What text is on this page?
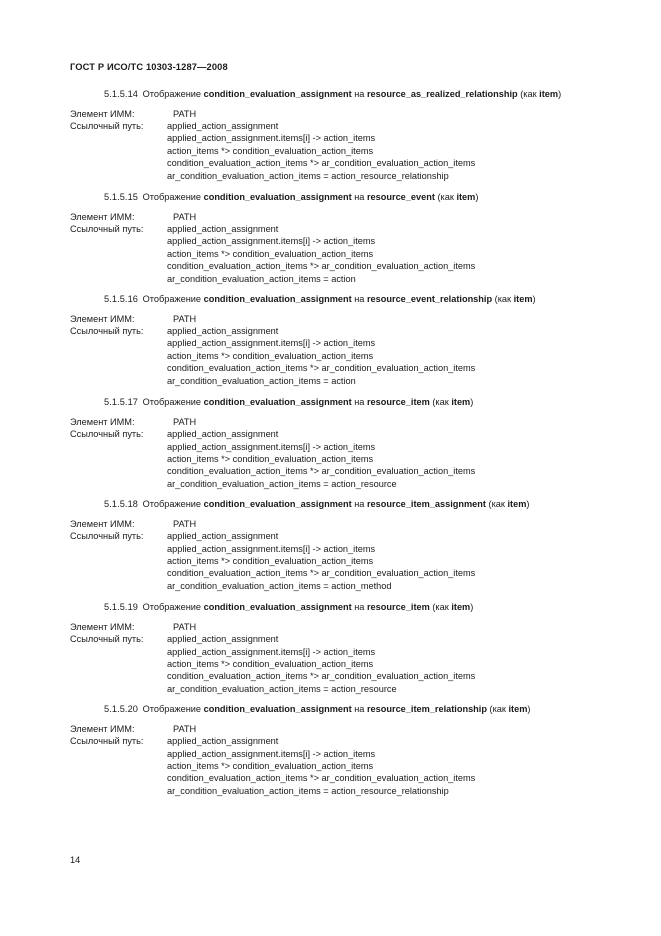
ГОСТ Р ИСО/ТС 10303-1287—2008

5.1.5.14  Отображение condition_evaluation_assignment на resource_as_realized_relationship (как item)

Элемент ИММ:	PATH
Ссылочный путь:	applied_action_assignment
applied_action_assignment.items[i] -> action_items
action_items *> condition_evaluation_action_items
condition_evaluation_action_items *> ar_condition_evaluation_action_items
ar_condition_evaluation_action_items = action_resource_relationship

5.1.5.15  Отображение condition_evaluation_assignment на resource_event (как item)

Элемент ИММ:	PATH
Ссылочный путь:	applied_action_assignment
applied_action_assignment.items[i] -> action_items
action_items *> condition_evaluation_action_items
condition_evaluation_action_items *> ar_condition_evaluation_action_items
ar_condition_evaluation_action_items = action

5.1.5.16  Отображение condition_evaluation_assignment на resource_event_relationship (как item)

Элемент ИММ:	PATH
Ссылочный путь:	applied_action_assignment
applied_action_assignment.items[i] -> action_items
action_items *> condition_evaluation_action_items
condition_evaluation_action_items *> ar_condition_evaluation_action_items
ar_condition_evaluation_action_items = action

5.1.5.17  Отображение condition_evaluation_assignment на resource_item (как item)

Элемент ИММ:	PATH
Ссылочный путь:	applied_action_assignment
applied_action_assignment.items[i] -> action_items
action_items *> condition_evaluation_action_items
condition_evaluation_action_items *> ar_condition_evaluation_action_items
ar_condition_evaluation_action_items = action_resource

5.1.5.18  Отображение condition_evaluation_assignment на resource_item_assignment (как item)

Элемент ИММ:	PATH
Ссылочный путь:	applied_action_assignment
applied_action_assignment.items[i] -> action_items
action_items *> condition_evaluation_action_items
condition_evaluation_action_items *> ar_condition_evaluation_action_items
ar_condition_evaluation_action_items = action_method

5.1.5.19  Отображение condition_evaluation_assignment на resource_item (как item)

Элемент ИММ:	PATH
Ссылочный путь:	applied_action_assignment
applied_action_assignment.items[i] -> action_items
action_items *> condition_evaluation_action_items
condition_evaluation_action_items *> ar_condition_evaluation_action_items
ar_condition_evaluation_action_items = action_resource

5.1.5.20  Отображение condition_evaluation_assignment на resource_item_relationship (как item)

Элемент ИММ:	PATH
Ссылочный путь:	applied_action_assignment
applied_action_assignment.items[i] -> action_items
action_items *> condition_evaluation_action_items
condition_evaluation_action_items *> ar_condition_evaluation_action_items
ar_condition_evaluation_action_items = action_resource_relationship
14
